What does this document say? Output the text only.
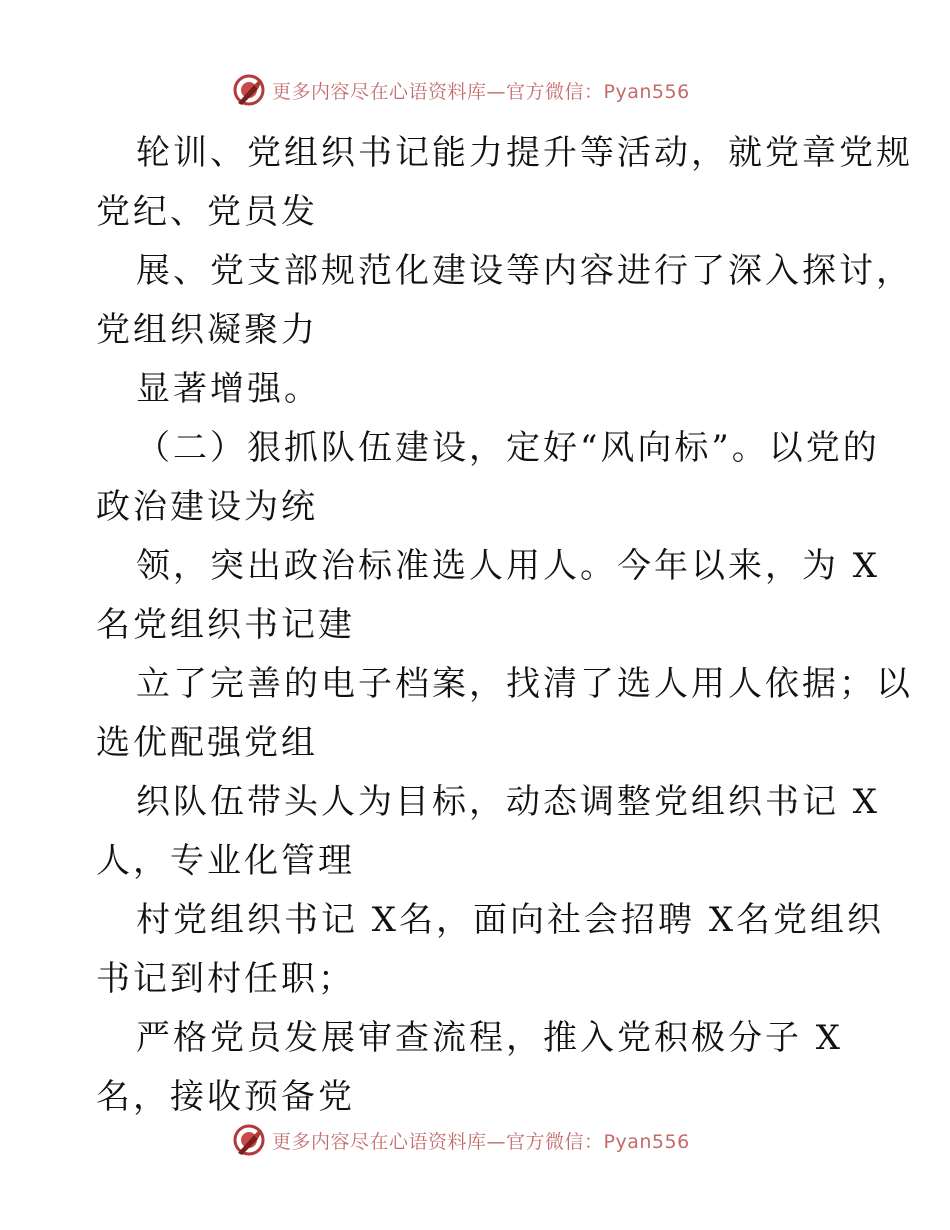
更多内容尽在心语资料库—官方微信：Pyan556
轮训、党组织书记能力提升等活动，就党章党规
党纪、党员发
展、党支部规范化建设等内容进行了深入探讨，
党组织凝聚力
显著增强。
（二）狠抓队伍建设，定好“风向标”。以党的
政治建设为统
领，突出政治标准选人用人。今年以来，为 X
名党组织书记建
立了完善的电子档案，找清了选人用人依据；以
选优配强党组
织队伍带头人为目标，动态调整党组织书记 X
人，专业化管理
村党组织书记 X名，面向社会招聘 X名党组织
书记到村任职；
严格党员发展审查流程，推入党积极分子 X
名，接收预备党
更多内容尽在心语资料库—官方微信：Pyan556
